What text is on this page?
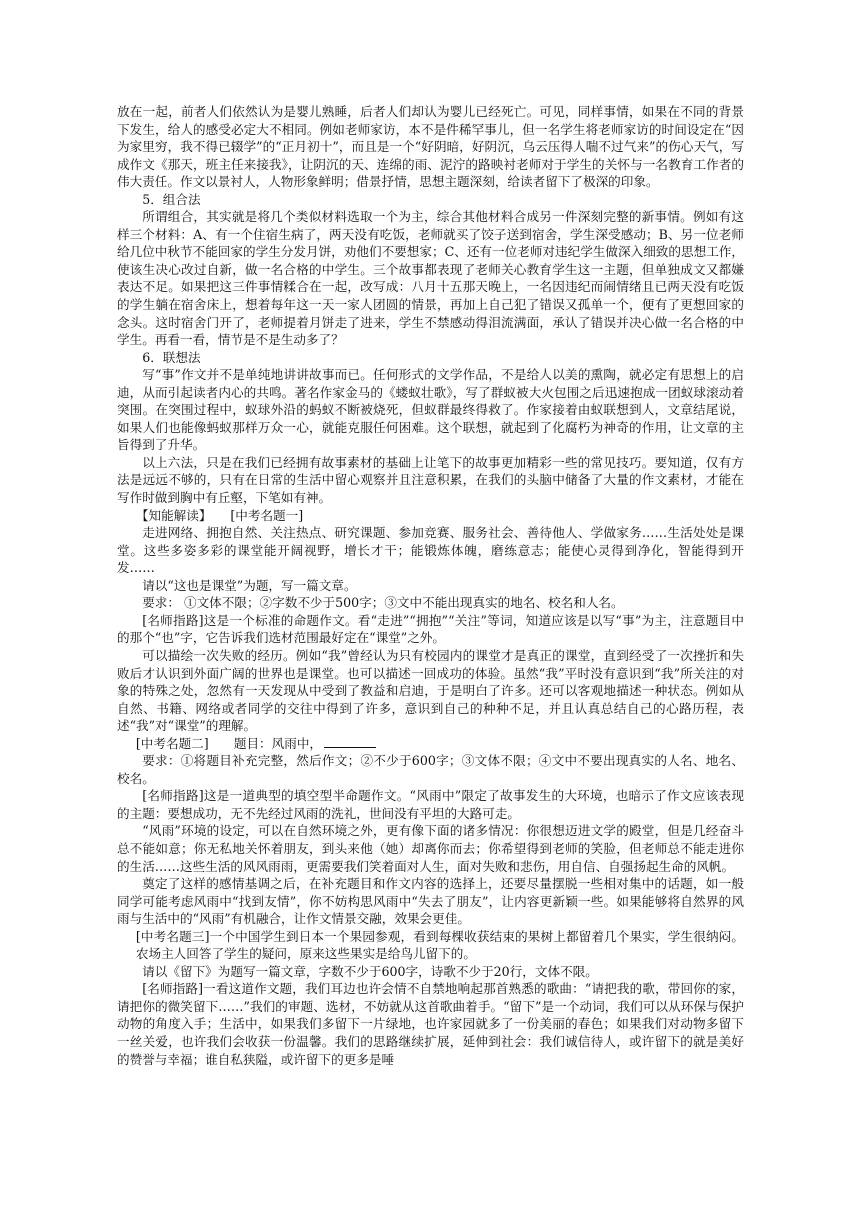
放在一起，前者人们依然认为是婴儿熟睡，后者人们却认为婴儿已经死亡。可见，同样事情，如果在不同的背景下发生，给人的感受必定大不相同。例如老师家访，本不是件稀罕事儿，但一名学生将老师家访的时间设定在“因为家里穷，我不得已辍学”的“正月初十”，而且是一个“好阴暗，好阴沉，乌云压得人喘不过气来”的伤心天气，写成作文《那天，班主任来接我》，让阴沉的天、连绵的雨、泥泞的路映衬老师对于学生的关怀与一名教育工作者的伟大责任。作文以景衬人，人物形象鲜明；借景抒情，思想主题深刻，给读者留下了极深的印象。

5．组合法

所谓组合，其实就是将几个类似材料选取一个为主，综合其他材料合成另一件深刻完整的新事情。例如有这样三个材料：A、有一个住宿生病了，两天没有吃饭，老师就买了饺子送到宿舍，学生深受感动；B、另一位老师给几位中秋节不能回家的学生分发月饼，劝他们不要想家；C、还有一位老师对违纪学生做深入细致的思想工作，使该生决心改过自新，做一名合格的中学生。三个故事都表现了老师关心教育学生这一主题，但单独成文又都嫌表达不足。如果把这三件事情糅合在一起，改写成：八月十五那天晚上，一名因违纪而闹情绪且已两天没有吃饭的学生躺在宿舍床上，想着每年这一天一家人团圆的情景，再加上自己犯了错误又孤单一个，便有了更想回家的念头。这时宿舍门开了，老师提着月饼走了进来，学生不禁感动得泪流满面，承认了错误并决心做一名合格的中学生。再看一看，情节是不是生动多了？

6．联想法

写“事”作文并不是单纯地讲讲故事而已。任何形式的文学作品，不是给人以美的熏陶，就必定有思想上的启迪，从而引起读者内心的共鸣。著名作家金马的《蝼蚁壮歌》，写了群蚁被大火包围之后迅速抱成一团蚁球滚动着突围。在突围过程中，蚁球外沿的蚂蚁不断被烧死，但蚁群最终得救了。作家接着由蚁联想到人，文章结尾说，如果人们也能像蚂蚁那样万众一心，就能克服任何困难。这个联想，就起到了化腐朽为神奇的作用，让文章的主旨得到了升华。

以上六法，只是在我们已经拥有故事素材的基础上让笔下的故事更加精彩一些的常见技巧。要知道，仅有方法是远远不够的，只有在日常的生活中留心观察并且注意积累，在我们的头脑中储备了大量的作文素材，才能在写作时做到胸中有丘壑，下笔如有神。

【知能解读】　　[中考名题一]

走进网络、拥抱自然、关注热点、研究课题、参加竞赛、服务社会、善待他人、学做家务……生活处处是课堂。这些多姿多彩的课堂能开阔视野，增长才干；能锻炼体魄，磨练意志；能使心灵得到净化，智能得到开发……

请以“这也是课堂”为题，写一篇文章。

要求： ①文体不限；②字数不少于500字；③文中不能出现真实的地名、校名和人名。

[名师指路]这是一个标准的命题作文。看“走进”“拥抱”“关注”等词，知道应该是以写“事”为主，注意题目中的那个“也”字，它告诉我们选材范围最好定在“课堂”之外。

可以描绘一次失败的经历。例如“我”曾经认为只有校园内的课堂才是真正的课堂，直到经受了一次挫折和失败后才认识到外面广阔的世界也是课堂。也可以描述一回成功的体验。虽然“我”平时没有意识到“我”所关注的对象的特殊之处，忽然有一天发现从中受到了教益和启迪，于是明白了许多。还可以客观地描述一种状态。例如从自然、书籍、网络或者同学的交往中得到了许多，意识到自己的种种不足，并且认真总结自己的心路历程，表述“我”对“课堂”的理解。

[中考名题二]　　题目：风雨中，

要求：①将题目补充完整，然后作文；②不少于600字；③文体不限；④文中不要出现真实的人名、地名、校名。

[名师指路]这是一道典型的填空型半命题作文。“风雨中”限定了故事发生的大环境，也暗示了作文应该表现的主题：要想成功，无不先经过风雨的洗礼，世间没有平坦的大路可走。

“风雨”环境的设定，可以在自然环境之外，更有像下面的诸多情况：你很想迈进文学的殿堂，但是几经奋斗总不能如意；你无私地关怀着朋友，到头来他（她）却离你而去；你希望得到老师的笑脸，但老师总不能走进你的生活……这些生活的风风雨雨，更需要我们笑着面对人生，面对失败和悲伤，用自信、自强扬起生命的风帆。

奠定了这样的感情基调之后，在补充题目和作文内容的选择上，还要尽量摆脱一些相对集中的话题，如一般同学可能考虑风雨中“找到友情”，你不妨构思风雨中“失去了朋友”，让内容更新颖一些。如果能够将自然界的风雨与生活中的“风雨”有机融合，让作文情景交融，效果会更佳。

[中考名题三]一个中国学生到日本一个果园参观，看到每棵收获结束的果树上都留着几个果实，学生很纳闷。农场主人回答了学生的疑问，原来这些果实是给鸟儿留下的。

请以《留下》为题写一篇文章，字数不少于600字，诗歌不少于20行，文体不限。

[名师指路]一看这道作文题，我们耳边也许会情不自禁地响起那首熟悉的歌曲：“请把我的歌，带回你的家，请把你的微笑留下……”我们的审题、选材，不妨就从这首歌曲着手。“留下”是一个动词，我们可以从环保与保护动物的角度入手；生活中，如果我们多留下一片绿地，也许家园就多了一份美丽的春色；如果我们对动物多留下一丝关爱，也许我们会收获一份温馨。我们的思路继续扩展，延伸到社会：我们诚信待人，或许留下的就是美好的赞誉与幸福；谁自私狭隘，或许留下的更多是唾
